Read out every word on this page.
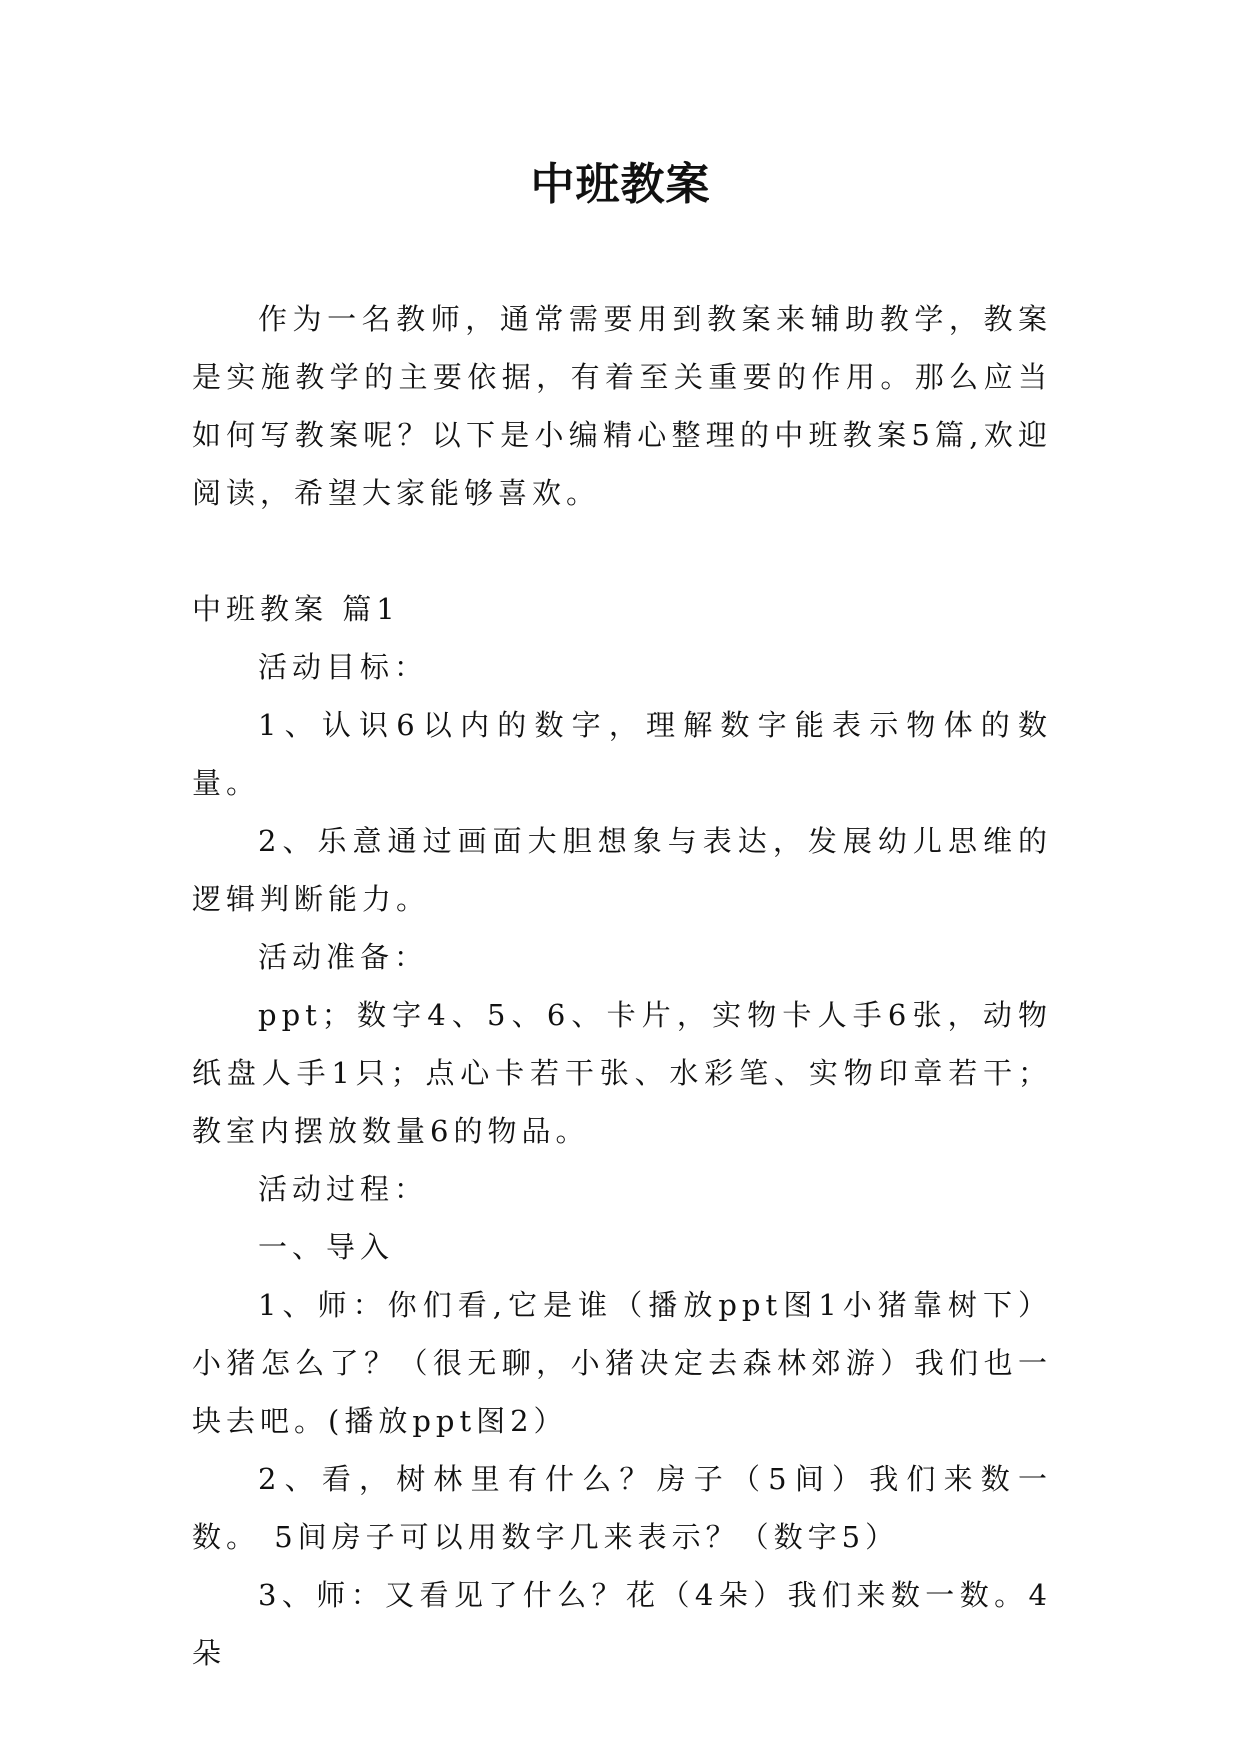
中班教案

作为一名教师，通常需要用到教案来辅助教学，教案是实施教学的主要依据，有着至关重要的作用。那么应当如何写教案呢？以下是小编精心整理的中班教案5篇,欢迎阅读，希望大家能够喜欢。

中班教案 篇1

活动目标：

1、认识6以内的数字，理解数字能表示物体的数量。

2、乐意通过画面大胆想象与表达，发展幼儿思维的逻辑判断能力。

活动准备：

ppt；数字4、5、6、卡片，实物卡人手6张，动物纸盘人手1只；点心卡若干张、水彩笔、实物印章若干；教室内摆放数量6的物品。

活动过程：

一、导入

1、师：你们看,它是谁（播放ppt图1小猪靠树下）小猪怎么了？（很无聊，小猪决定去森林郊游）我们也一块去吧。(播放ppt图2）

2、看，树林里有什么？房子（5间）我们来数一数。 5间房子可以用数字几来表示？（数字5）

3、师：又看见了什么？花（4朵）我们来数一数。4朵
